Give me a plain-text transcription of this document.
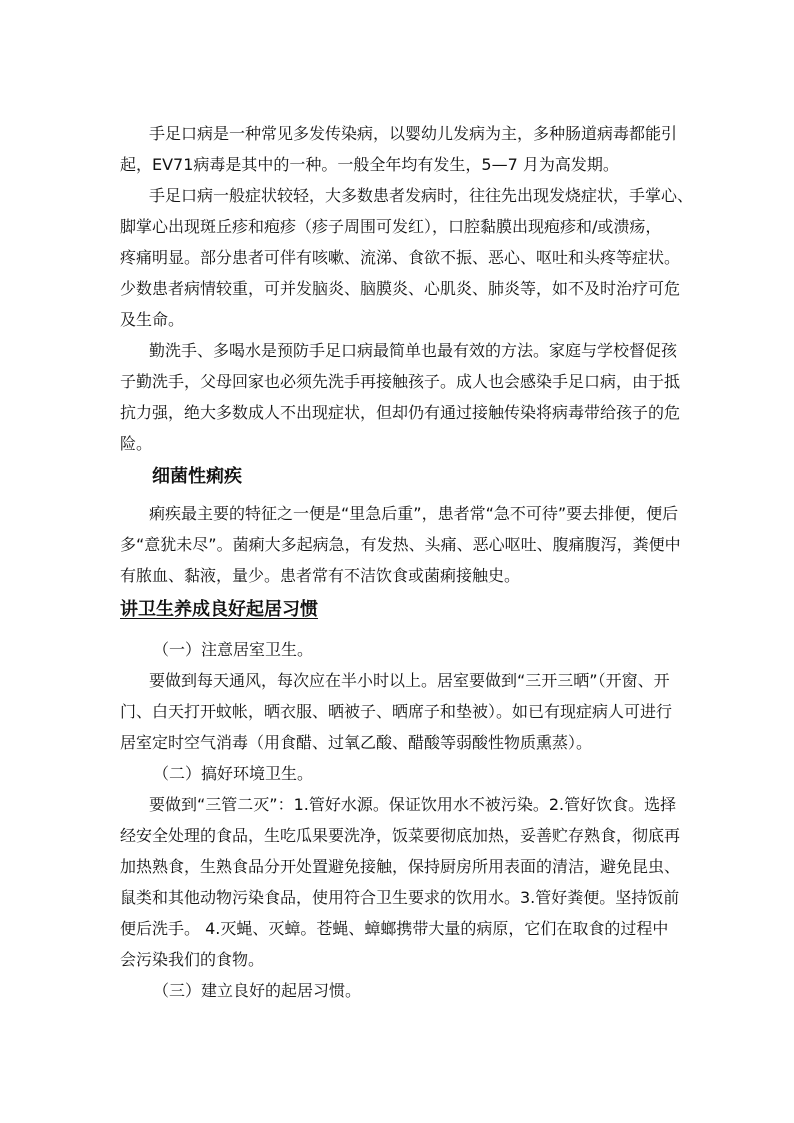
手足口病是一种常见多发传染病，以婴幼儿发病为主，多种肠道病毒都能引
起，EV71病毒是其中的一种。一般全年均有发生，5—7 月为高发期。
手足口病一般症状较轻，大多数患者发病时，往往先出现发烧症状，手掌心、
脚掌心出现斑丘疹和疱疹（疹子周围可发红），口腔黏膜出现疱疹和/或溃疡，
疼痛明显。部分患者可伴有咳嗽、流涕、食欲不振、恶心、呕吐和头疼等症状。
少数患者病情较重，可并发脑炎、脑膜炎、心肌炎、肺炎等，如不及时治疗可危
及生命。
勤洗手、多喝水是预防手足口病最简单也最有效的方法。家庭与学校督促孩
子勤洗手，父母回家也必须先洗手再接触孩子。成人也会感染手足口病，由于抵
抗力强，绝大多数成人不出现症状，但却仍有通过接触传染将病毒带给孩子的危
险。
细菌性痢疾
痢疾最主要的特征之一便是“里急后重”，患者常“急不可待”要去排便，便后
多“意犹未尽”。菌痢大多起病急，有发热、头痛、恶心呕吐、腹痛腹泻，粪便中
有脓血、黏液，量少。患者常有不洁饮食或菌痢接触史。
讲卫生养成良好起居习惯
（一）注意居室卫生。
要做到每天通风，每次应在半小时以上。居室要做到“三开三晒”（开窗、开
门、白天打开蚊帐，晒衣服、晒被子、晒席子和垫被）。如已有现症病人可进行
居室定时空气消毒（用食醋、过氧乙酸、醋酸等弱酸性物质熏蒸）。
（二）搞好环境卫生。
要做到“三管二灭”：1.管好水源。保证饮用水不被污染。2.管好饮食。选择
经安全处理的食品，生吃瓜果要洗净，饭菜要彻底加热，妥善贮存熟食，彻底再
加热熟食，生熟食品分开处置避免接触，保持厨房所用表面的清洁，避免昆虫、
鼠类和其他动物污染食品，使用符合卫生要求的饮用水。3.管好粪便。坚持饭前
便后洗手。 4.灭蝇、灭蟑。苍蝇、蟑螂携带大量的病原，它们在取食的过程中
会污染我们的食物。
（三）建立良好的起居习惯。
